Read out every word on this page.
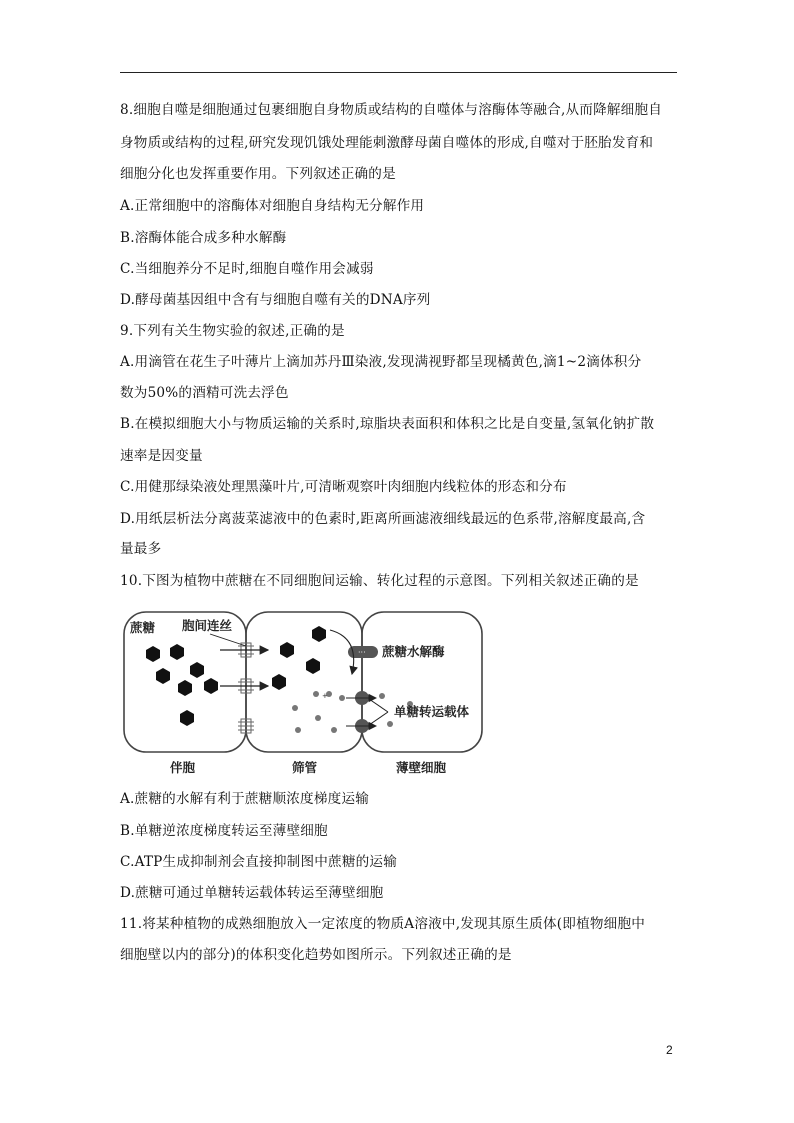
8.细胞自噬是细胞通过包裹细胞自身物质或结构的自噬体与溶酶体等融合,从而降解细胞自
身物质或结构的过程,研究发现饥饿处理能刺激酵母菌自噬体的形成,自噬对于胚胎发育和
细胞分化也发挥重要作用。下列叙述正确的是
A.正常细胞中的溶酶体对细胞自身结构无分解作用
B.溶酶体能合成多种水解酶
C.当细胞养分不足时,细胞自噬作用会减弱
D.酵母菌基因组中含有与细胞自噬有关的DNA序列
9.下列有关生物实验的叙述,正确的是
A.用滴管在花生子叶薄片上滴加苏丹Ⅲ染液,发现满视野都呈现橘黄色,滴1~2滴体积分
数为50%的酒精可洗去浮色
B.在模拟细胞大小与物质运输的关系时,琼脂块表面积和体积之比是自变量,氢氧化钠扩散
速率是因变量
C.用健那绿染液处理黑藻叶片,可清晰观察叶肉细胞内线粒体的形态和分布
D.用纸层析法分离菠菜滤液中的色素时,距离所画滤液细线最远的色系带,溶解度最高,含
量最多
10.下图为植物中蔗糖在不同细胞间运输、转化过程的示意图。下列相关叙述正确的是
···
+
蔗糖 胞间连丝
蔗糖水解酶
单糖转运载体
伴胞	筛管	薄壁细胞
A.蔗糖的水解有利于蔗糖顺浓度梯度运输
B.单糖逆浓度梯度转运至薄壁细胞
C.ATP生成抑制剂会直接抑制图中蔗糖的运输
D.蔗糖可通过单糖转运载体转运至薄壁细胞
11.将某种植物的成熟细胞放入一定浓度的物质A溶液中,发现其原生质体(即植物细胞中
细胞壁以内的部分)的体积变化趋势如图所示。下列叙述正确的是
2
